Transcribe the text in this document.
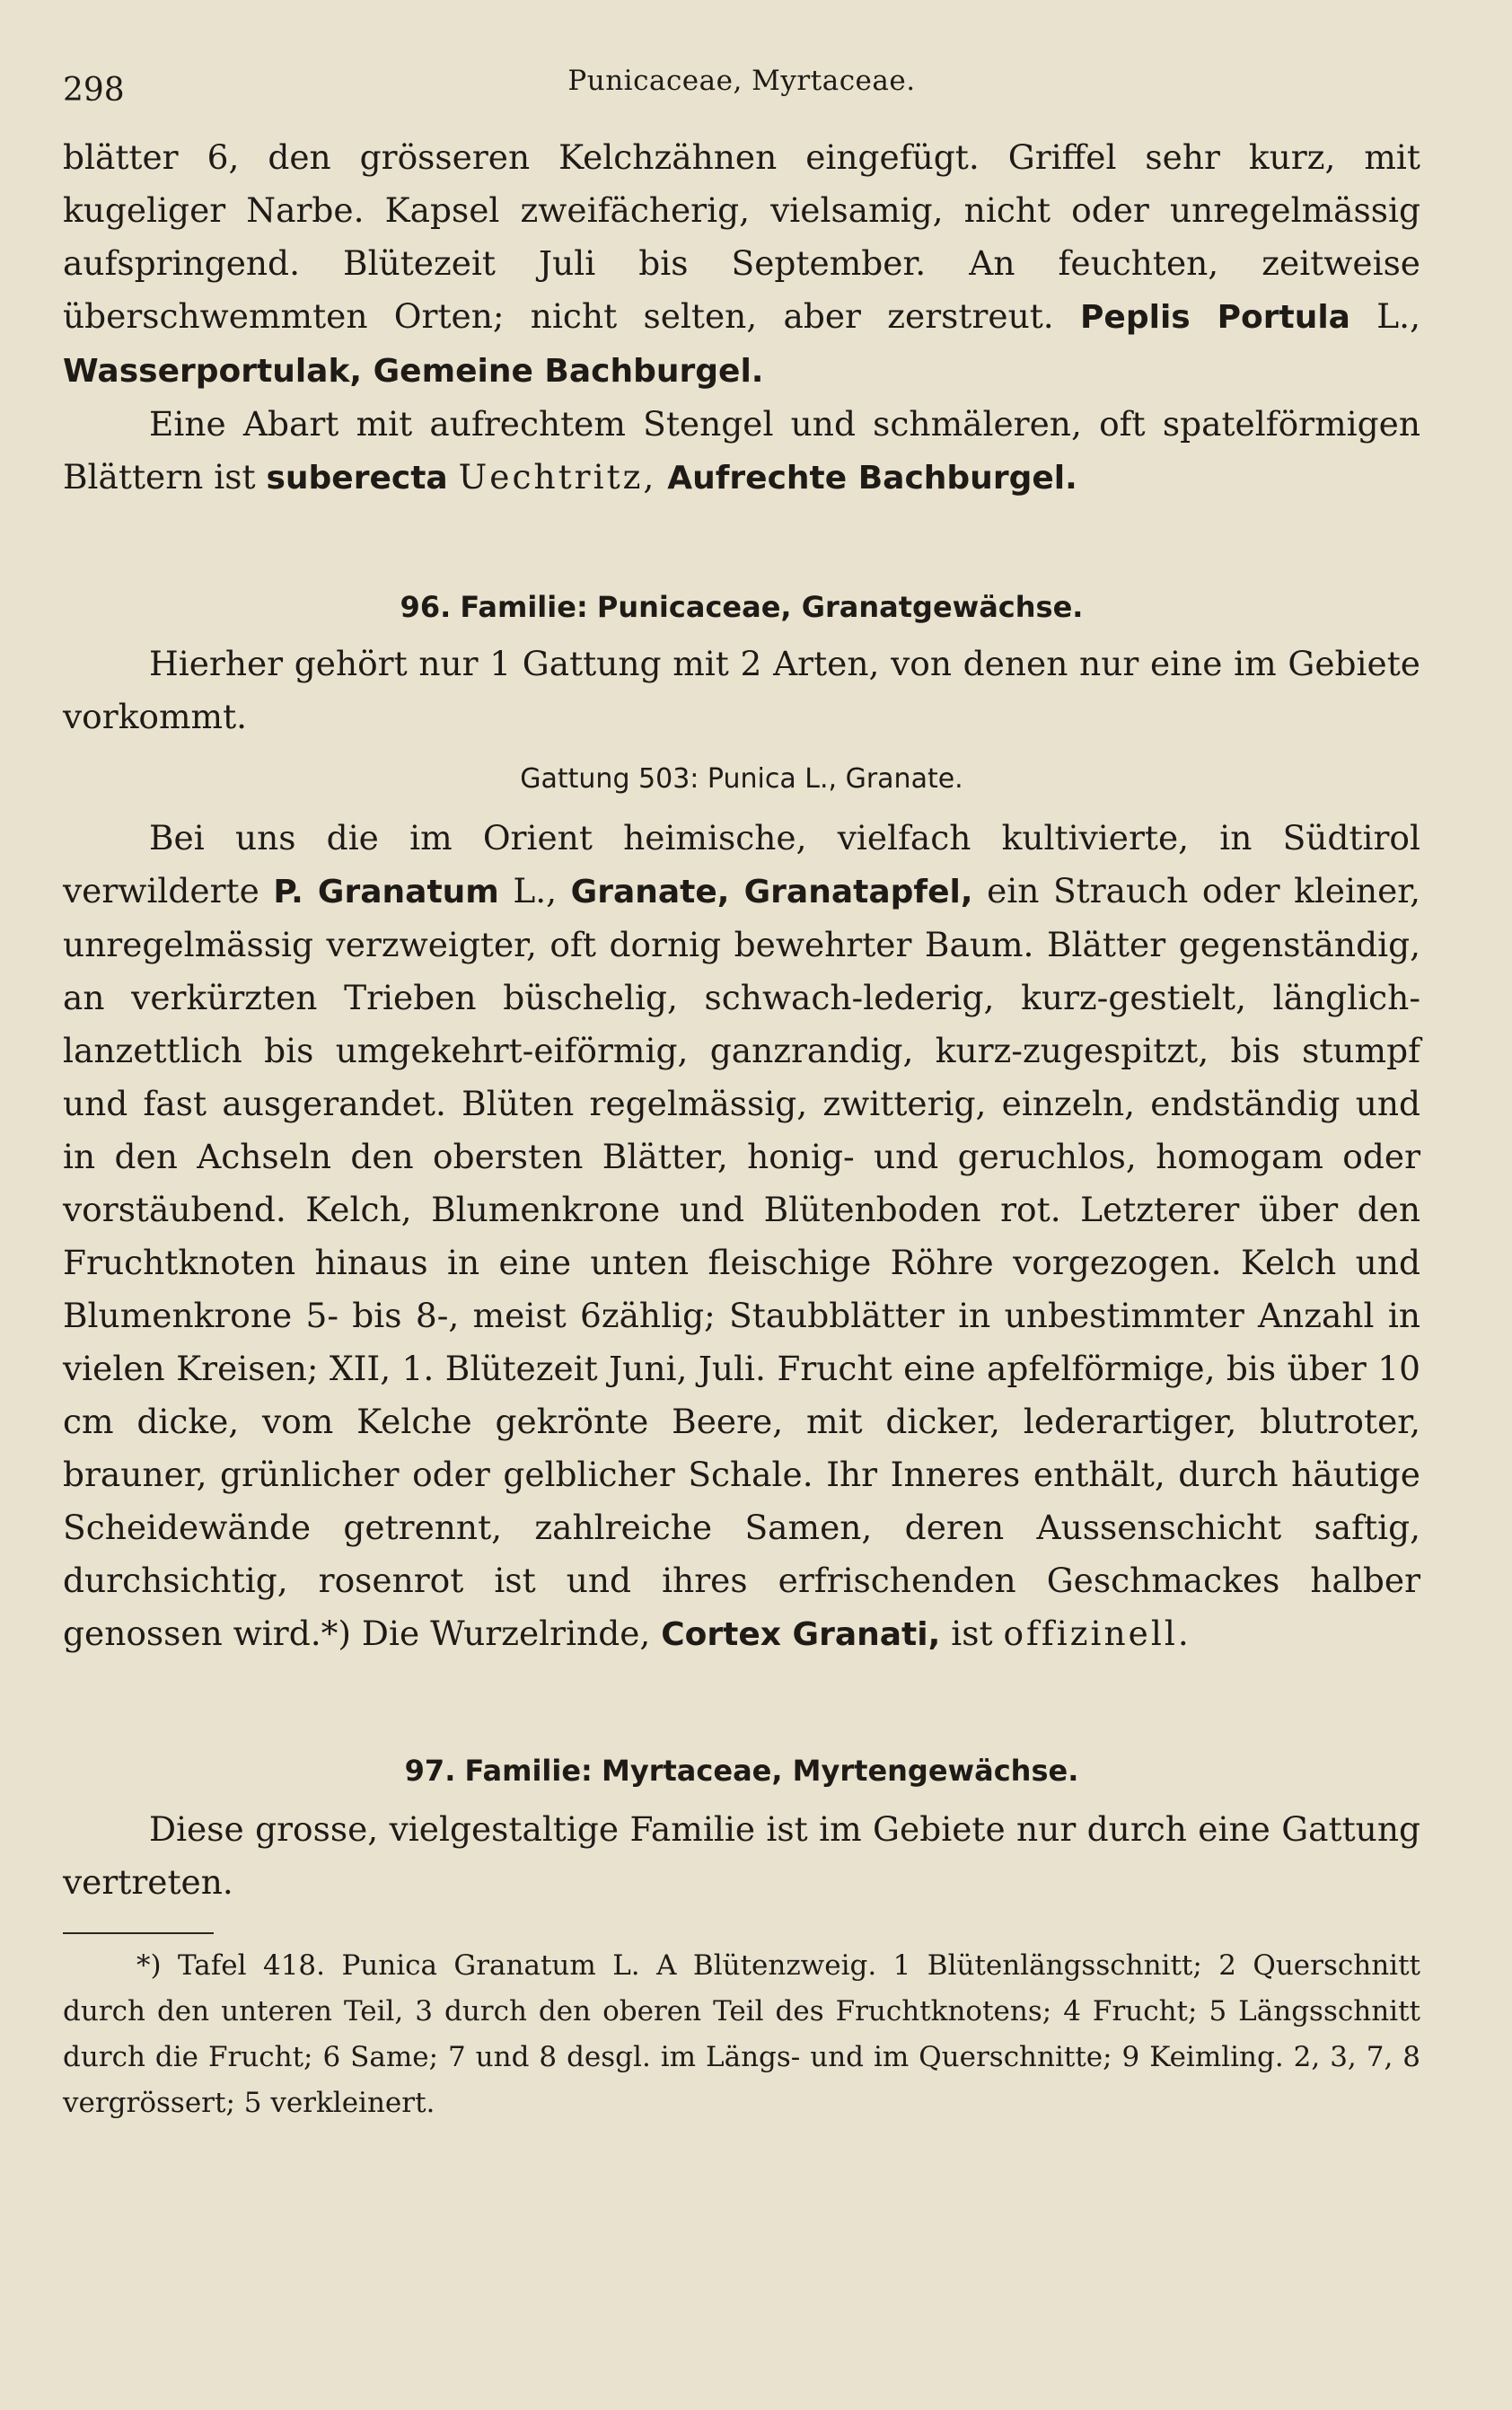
298	Punicaceae, Myrtaceae.

blätter 6, den grösseren Kelchzähnen eingefügt. Griffel sehr kurz, mit kugeliger Narbe. Kapsel zweifächerig, vielsamig, nicht oder unregelmässig aufspringend. Blütezeit Juli bis September. An feuchten, zeitweise überschwemmten Orten; nicht selten, aber zerstreut. Peplis Portula L., Wasserportulak, Gemeine Bachburgel.

Eine Abart mit aufrechtem Stengel und schmäleren, oft spatelförmigen Blättern ist suberecta Uechtritz, Aufrechte Bachburgel.

96. Familie: Punicaceae, Granatgewächse.

Hierher gehört nur 1 Gattung mit 2 Arten, von denen nur eine im Gebiete vorkommt.

Gattung 503: Punica L., Granate.

Bei uns die im Orient heimische, vielfach kultivierte, in Südtirol verwilderte P. Granatum L., Granate, Granatapfel, ein Strauch oder kleiner, unregelmässig verzweigter, oft dornig bewehrter Baum. Blätter gegenständig, an verkürzten Trieben büschelig, schwach-lederig, kurz-gestielt, länglich-lanzettlich bis umgekehrt-eiförmig, ganzrandig, kurz-zugespitzt, bis stumpf und fast ausgerandet. Blüten regelmässig, zwitterig, einzeln, endständig und in den Achseln den obersten Blätter, honig- und geruchlos, homogam oder vorstäubend. Kelch, Blumenkrone und Blütenboden rot. Letzterer über den Fruchtknoten hinaus in eine unten fleischige Röhre vorgezogen. Kelch und Blumenkrone 5- bis 8-, meist 6zählig; Staubblätter in unbestimmter Anzahl in vielen Kreisen; XII, 1. Blütezeit Juni, Juli. Frucht eine apfelförmige, bis über 10 cm dicke, vom Kelche gekrönte Beere, mit dicker, lederartiger, blutroter, brauner, grünlicher oder gelblicher Schale. Ihr Inneres enthält, durch häutige Scheidewände getrennt, zahlreiche Samen, deren Aussenschicht saftig, durchsichtig, rosenrot ist und ihres erfrischenden Geschmackes halber genossen wird.*) Die Wurzelrinde, Cortex Granati, ist offizinell.

97. Familie: Myrtaceae, Myrtengewächse.

Diese grosse, vielgestaltige Familie ist im Gebiete nur durch eine Gattung vertreten.

*) Tafel 418. Punica Granatum L. A Blütenzweig. 1 Blütenlängsschnitt; 2 Querschnitt durch den unteren Teil, 3 durch den oberen Teil des Fruchtknotens; 4 Frucht; 5 Längsschnitt durch die Frucht; 6 Same; 7 und 8 desgl. im Längs- und im Querschnitte; 9 Keimling. 2, 3, 7, 8 vergrössert; 5 verkleinert.
